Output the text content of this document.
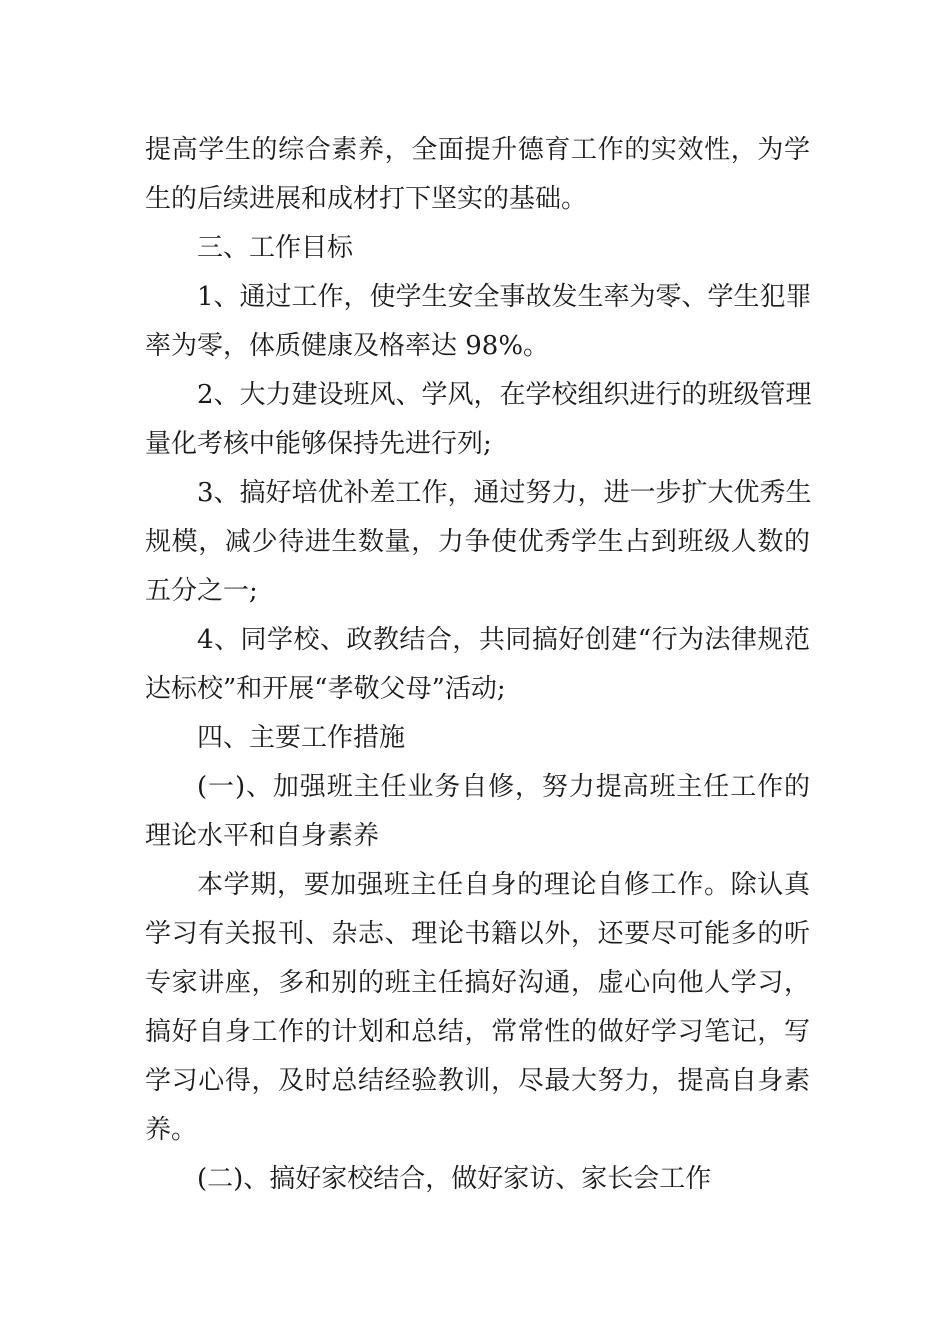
提高学生的综合素养，全面提升德育工作的实效性，为学
生的后续进展和成材打下坚实的基础。
三、工作目标
1、通过工作，使学生安全事故发生率为零、学生犯罪
率为零，体质健康及格率达 98%。
2、大力建设班风、学风，在学校组织进行的班级管理
量化考核中能够保持先进行列;
3、搞好培优补差工作，通过努力，进一步扩大优秀生
规模，减少待进生数量，力争使优秀学生占到班级人数的
五分之一;
4、同学校、政教结合，共同搞好创建“行为法律规范
达标校”和开展“孝敬父母”活动;
四、主要工作措施
(一)、加强班主任业务自修，努力提高班主任工作的
理论水平和自身素养
本学期，要加强班主任自身的理论自修工作。除认真
学习有关报刊、杂志、理论书籍以外，还要尽可能多的听
专家讲座，多和别的班主任搞好沟通，虚心向他人学习，
搞好自身工作的计划和总结，常常性的做好学习笔记，写
学习心得，及时总结经验教训，尽最大努力，提高自身素
养。
(二)、搞好家校结合，做好家访、家长会工作
